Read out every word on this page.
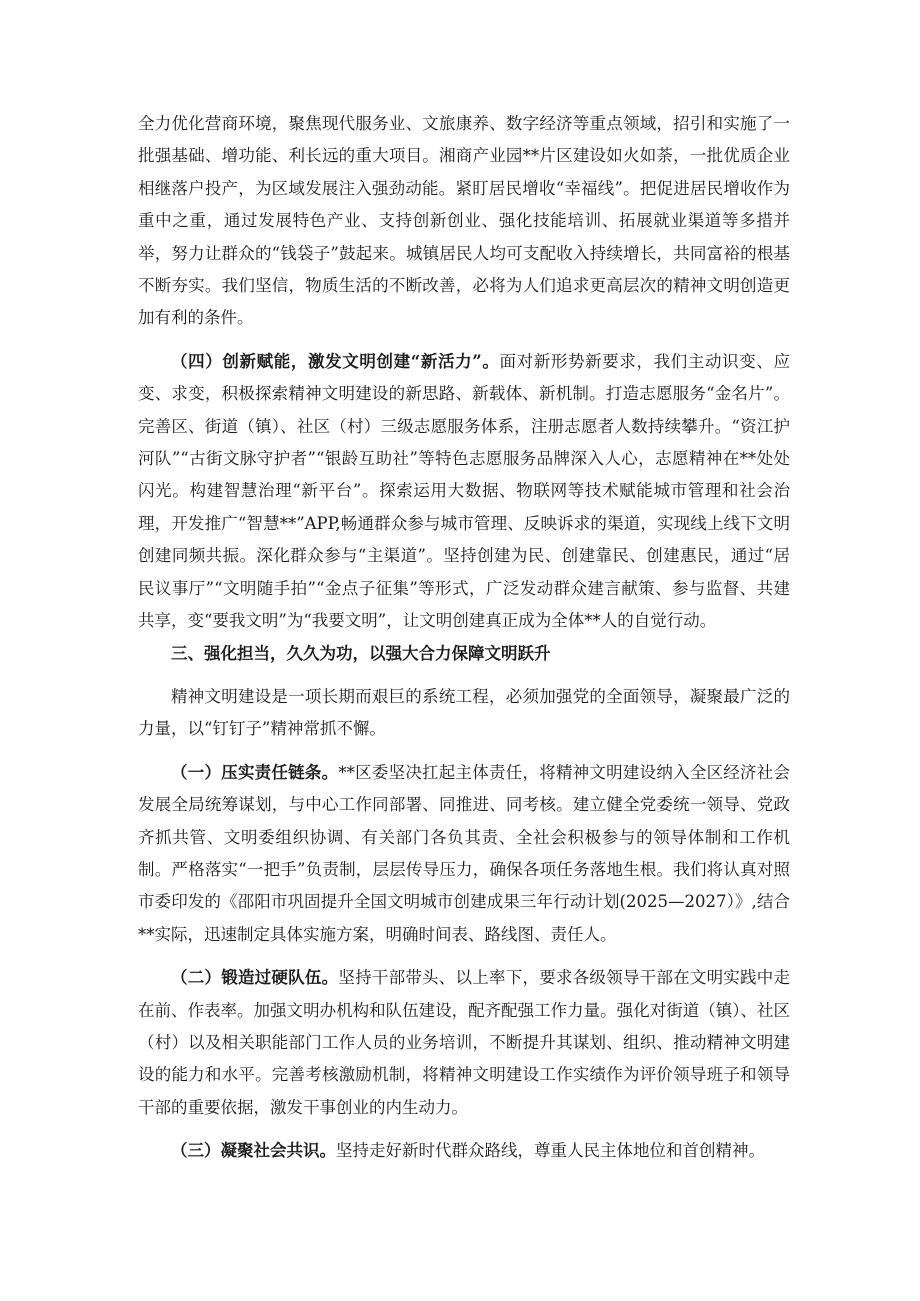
全力优化营商环境，聚焦现代服务业、文旅康养、数字经济等重点领域，招引和实施了一批强基础、增功能、利长远的重大项目。湘商产业园**片区建设如火如荼，一批优质企业相继落户投产，为区域发展注入强劲动能。紧盯居民增收“幸福线”。把促进居民增收作为重中之重，通过发展特色产业、支持创新创业、强化技能培训、拓展就业渠道等多措并举，努力让群众的“钱袋子”鼓起来。城镇居民人均可支配收入持续增长，共同富裕的根基不断夯实。我们坚信，物质生活的不断改善，必将为人们追求更高层次的精神文明创造更加有利的条件。

（四）创新赋能，激发文明创建“新活力”。面对新形势新要求，我们主动识变、应变、求变，积极探索精神文明建设的新思路、新载体、新机制。打造志愿服务“金名片”。完善区、街道（镇）、社区（村）三级志愿服务体系，注册志愿者人数持续攀升。“资江护河队”“古街文脉守护者”“银龄互助社”等特色志愿服务品牌深入人心，志愿精神在**处处闪光。构建智慧治理“新平台”。探索运用大数据、物联网等技术赋能城市管理和社会治理，开发推广“智慧**”APP,畅通群众参与城市管理、反映诉求的渠道，实现线上线下文明创建同频共振。深化群众参与“主渠道”。坚持创建为民、创建靠民、创建惠民，通过“居民议事厅”“文明随手拍”“金点子征集”等形式，广泛发动群众建言献策、参与监督、共建共享，变“要我文明”为“我要文明”，让文明创建真正成为全体**人的自觉行动。

三、强化担当，久久为功，以强大合力保障文明跃升

精神文明建设是一项长期而艰巨的系统工程，必须加强党的全面领导，凝聚最广泛的力量，以“钉钉子”精神常抓不懈。

（一）压实责任链条。**区委坚决扛起主体责任，将精神文明建设纳入全区经济社会发展全局统筹谋划，与中心工作同部署、同推进、同考核。建立健全党委统一领导、党政齐抓共管、文明委组织协调、有关部门各负其责、全社会积极参与的领导体制和工作机制。严格落实“一把手”负责制，层层传导压力，确保各项任务落地生根。我们将认真对照市委印发的《邵阳市巩固提升全国文明城市创建成果三年行动计划(2025—2027）》,结合**实际，迅速制定具体实施方案，明确时间表、路线图、责任人。

（二）锻造过硬队伍。坚持干部带头、以上率下，要求各级领导干部在文明实践中走在前、作表率。加强文明办机构和队伍建设，配齐配强工作力量。强化对街道（镇）、社区（村）以及相关职能部门工作人员的业务培训，不断提升其谋划、组织、推动精神文明建设的能力和水平。完善考核激励机制，将精神文明建设工作实绩作为评价领导班子和领导干部的重要依据，激发干事创业的内生动力。

（三）凝聚社会共识。坚持走好新时代群众路线，尊重人民主体地位和首创精神。
